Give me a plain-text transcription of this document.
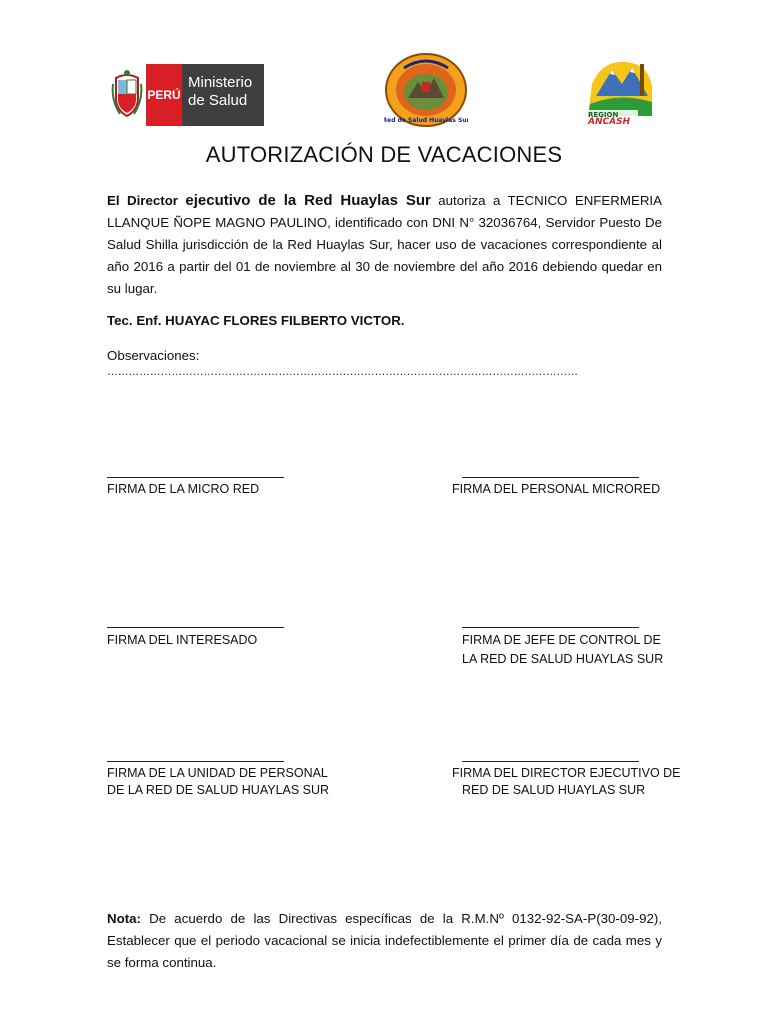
PERÚ
Ministerio
de Salud
Red de Salud Huaylas Sur
REGION
ANCASH
AUTORIZACIÓN DE VACACIONES
El Director ejecutivo de la Red Huaylas Sur autoriza a TECNICO ENFERMERIA LLANQUE ÑOPE MAGNO PAULINO, identificado con DNI N° 32036764, Servidor Puesto De Salud Shilla jurisdicción de la Red Huaylas Sur, hacer uso de vacaciones correspondiente al año 2016 a partir del 01 de noviembre al 30 de noviembre del año 2016 debiendo quedar en su lugar.
Tec. Enf. HUAYAC FLORES FILBERTO VICTOR.
Observaciones:
……………………………………………………………………………………………………………………
FIRMA DE LA MICRO RED	FIRMA DEL PERSONAL MICRORED
FIRMA DEL INTERESADO	FIRMA DE JEFE DE CONTROL DE
LA RED DE SALUD HUAYLAS SUR
FIRMA DE LA UNIDAD DE PERSONAL
DE LA RED DE SALUD HUAYLAS SUR
FIRMA DEL DIRECTOR EJECUTIVO DE
RED DE SALUD HUAYLAS SUR
Nota: De acuerdo de las Directivas específicas de la R.M.Nº 0132-92-SA-P(30-09-92), Establecer que el periodo vacacional se inicia indefectiblemente el primer día de cada mes y se forma continua.
